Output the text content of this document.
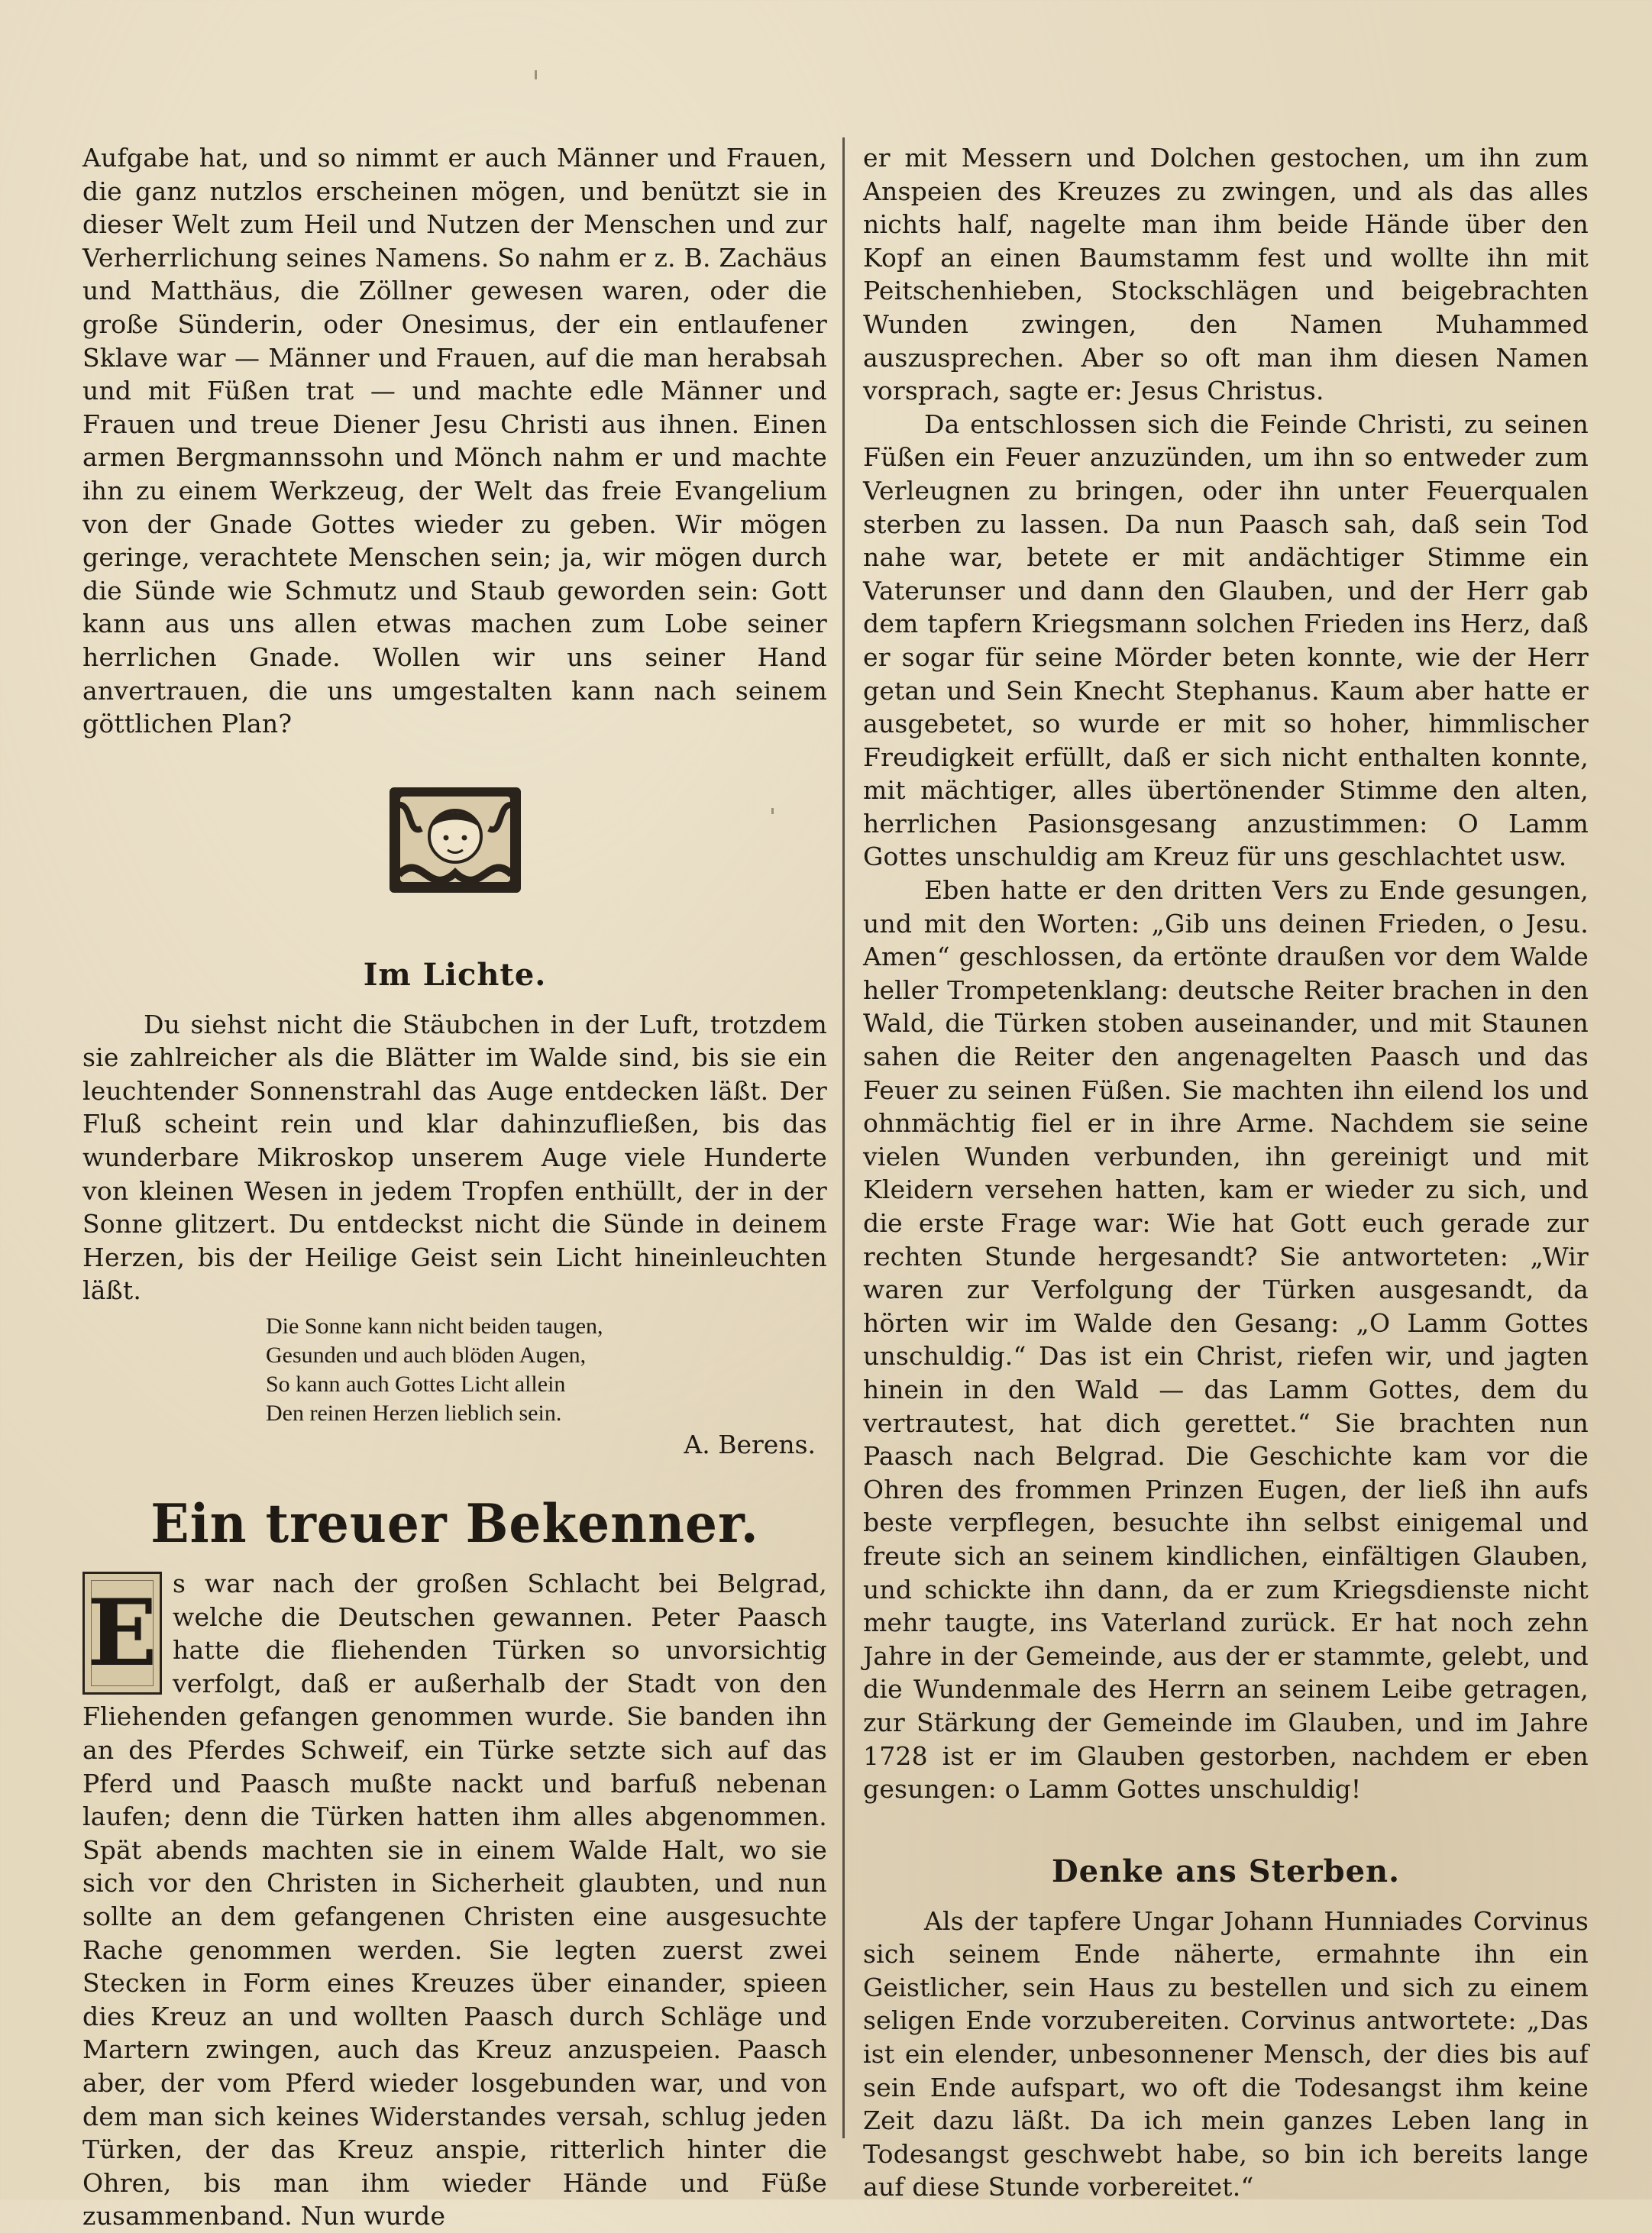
Aufgabe hat, und so nimmt er auch Männer und Frauen, die ganz nutzlos erscheinen mögen, und benützt sie in dieser Welt zum Heil und Nutzen der Menschen und zur Verherrlichung seines Namens. So nahm er z. B. Zachäus und Matthäus, die Zöllner gewesen waren, oder die große Sünderin, oder Onesimus, der ein entlaufener Sklave war — Männer und Frauen, auf die man herabsah und mit Füßen trat — und machte edle Männer und Frauen und treue Diener Jesu Christi aus ihnen. Einen armen Bergmannssohn und Mönch nahm er und machte ihn zu einem Werkzeug, der Welt das freie Evangelium von der Gnade Gottes wieder zu geben. Wir mögen geringe, verachtete Menschen sein; ja, wir mögen durch die Sünde wie Schmutz und Staub geworden sein: Gott kann aus uns allen etwas machen zum Lobe seiner herrlichen Gnade. Wollen wir uns seiner Hand anvertrauen, die uns umgestalten kann nach seinem göttlichen Plan?

Im Lichte.

Du siehst nicht die Stäubchen in der Luft, trotzdem sie zahlreicher als die Blätter im Walde sind, bis sie ein leuchtender Sonnenstrahl das Auge entdecken läßt. Der Fluß scheint rein und klar dahinzufließen, bis das wunderbare Mikroskop unserem Auge viele Hunderte von kleinen Wesen in jedem Tropfen enthüllt, der in der Sonne glitzert. Du entdeckst nicht die Sünde in deinem Herzen, bis der Heilige Geist sein Licht hineinleuchten läßt.

Die Sonne kann nicht beiden taugen,
Gesunden und auch blöden Augen,
So kann auch Gottes Licht allein
Den reinen Herzen lieblich sein.
A. Berens.
Ein treuer Bekenner.
E s war nach der großen Schlacht bei Belgrad, welche die Deutschen gewannen. Peter Paasch hatte die fliehenden Türken so unvorsichtig verfolgt, daß er außerhalb der Stadt von den Fliehenden gefangen genommen wurde. Sie banden ihn an des Pferdes Schweif, ein Türke setzte sich auf das Pferd und Paasch mußte nackt und barfuß nebenan laufen; denn die Türken hatten ihm alles abgenommen. Spät abends machten sie in einem Walde Halt, wo sie sich vor den Christen in Sicherheit glaubten, und nun sollte an dem gefangenen Christen eine ausgesuchte Rache genommen werden. Sie legten zuerst zwei Stecken in Form eines Kreuzes über einander, spieen dies Kreuz an und wollten Paasch durch Schläge und Martern zwingen, auch das Kreuz anzuspeien. Paasch aber, der vom Pferd wieder losgebunden war, und von dem man sich keines Widerstandes versah, schlug jeden Türken, der das Kreuz anspie, ritterlich hinter die Ohren, bis man ihm wieder Hände und Füße zusammenband. Nun wurde

er mit Messern und Dolchen gestochen, um ihn zum Anspeien des Kreuzes zu zwingen, und als das alles nichts half, nagelte man ihm beide Hände über den Kopf an einen Baumstamm fest und wollte ihn mit Peitschenhieben, Stockschlägen und beigebrachten Wunden zwingen, den Namen Muhammed auszusprechen. Aber so oft man ihm diesen Namen vorsprach, sagte er: Jesus Christus.

Da entschlossen sich die Feinde Christi, zu seinen Füßen ein Feuer anzuzünden, um ihn so entweder zum Verleugnen zu bringen, oder ihn unter Feuerqualen sterben zu lassen. Da nun Paasch sah, daß sein Tod nahe war, betete er mit andächtiger Stimme ein Vaterunser und dann den Glauben, und der Herr gab dem tapfern Kriegsmann solchen Frieden ins Herz, daß er sogar für seine Mörder beten konnte, wie der Herr getan und Sein Knecht Stephanus. Kaum aber hatte er ausgebetet, so wurde er mit so hoher, himmlischer Freudigkeit erfüllt, daß er sich nicht enthalten konnte, mit mächtiger, alles übertönender Stimme den alten, herrlichen Pasionsgesang anzustimmen: O Lamm Gottes unschuldig am Kreuz für uns geschlachtet usw.

Eben hatte er den dritten Vers zu Ende gesungen, und mit den Worten: „Gib uns deinen Frieden, o Jesu. Amen“ geschlossen, da ertönte draußen vor dem Walde heller Trompetenklang: deutsche Reiter brachen in den Wald, die Türken stoben auseinander, und mit Staunen sahen die Reiter den angenagelten Paasch und das Feuer zu seinen Füßen. Sie machten ihn eilend los und ohnmächtig fiel er in ihre Arme. Nachdem sie seine vielen Wunden verbunden, ihn gereinigt und mit Kleidern versehen hatten, kam er wieder zu sich, und die erste Frage war: Wie hat Gott euch gerade zur rechten Stunde hergesandt? Sie antworteten: „Wir waren zur Verfolgung der Türken ausgesandt, da hörten wir im Walde den Gesang: „O Lamm Gottes unschuldig.“ Das ist ein Christ, riefen wir, und jagten hinein in den Wald — das Lamm Gottes, dem du vertrautest, hat dich gerettet.“ Sie brachten nun Paasch nach Belgrad. Die Geschichte kam vor die Ohren des frommen Prinzen Eugen, der ließ ihn aufs beste verpflegen, besuchte ihn selbst einigemal und freute sich an seinem kindlichen, einfältigen Glauben, und schickte ihn dann, da er zum Kriegsdienste nicht mehr taugte, ins Vaterland zurück. Er hat noch zehn Jahre in der Gemeinde, aus der er stammte, gelebt, und die Wundenmale des Herrn an seinem Leibe getragen, zur Stärkung der Gemeinde im Glauben, und im Jahre 1728 ist er im Glauben gestorben, nachdem er eben gesungen: o Lamm Gottes unschuldig!

Denke ans Sterben.

Als der tapfere Ungar Johann Hunniades Corvinus sich seinem Ende näherte, ermahnte ihn ein Geistlicher, sein Haus zu bestellen und sich zu einem seligen Ende vorzubereiten. Corvinus antwortete: „Das ist ein elender, unbesonnener Mensch, der dies bis auf sein Ende aufspart, wo oft die Todesangst ihm keine Zeit dazu läßt. Da ich mein ganzes Leben lang in Todesangst geschwebt habe, so bin ich bereits lange auf diese Stunde vorbereitet.“
